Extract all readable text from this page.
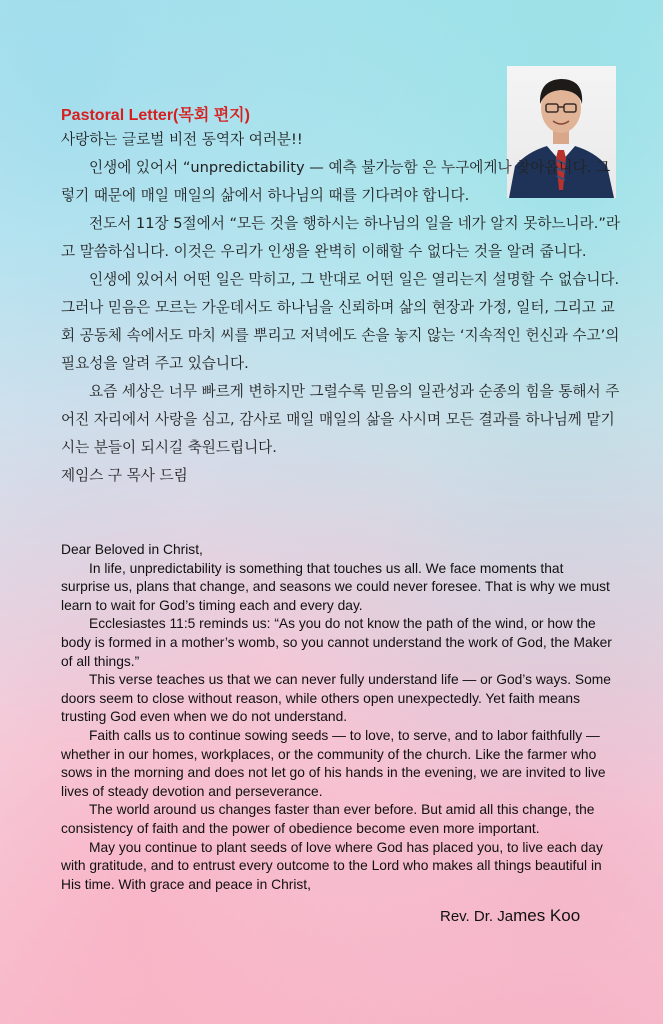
Pastoral Letter(목회 편지)

사랑하는 글로벌 비전 동역자 여러분!!

인생에 있어서 “unpredictability — 예측 불가능함 은 누구에게나 찾아옵니다. 그렇기 때문에 매일 매일의 삶에서 하나님의 때를 기다려야 합니다.

전도서 11장 5절에서 “모든 것을 행하시는 하나님의 일을 네가 알지 못하느니라.”라고 말씀하십니다. 이것은 우리가 인생을 완벽히 이해할 수 없다는 것을 알려 줍니다.

인생에 있어서 어떤 일은 막히고, 그 반대로 어떤 일은 열리는지 설명할 수 없습니다. 그러나 믿음은 모르는 가운데서도 하나님을 신뢰하며 삶의 현장과 가정, 일터, 그리고 교회 공동체 속에서도 마치 씨를 뿌리고 저녁에도 손을 놓지 않는 ‘지속적인 헌신과 수고’의 필요성을 알려 주고 있습니다.

요즘 세상은 너무 빠르게 변하지만 그럴수록 믿음의 일관성과 순종의 힘을 통해서 주어진 자리에서 사랑을 심고, 감사로 매일 매일의 삶을 사시며 모든 결과를 하나님께 맡기시는 분들이 되시길 축원드립니다.

제임스 구 목사 드림

Dear Beloved in Christ,

In life, unpredictability is something that touches us all. We face moments that surprise us, plans that change, and seasons we could never foresee. That is why we must learn to wait for God’s timing each and every day.

Ecclesiastes 11:5 reminds us: “As you do not know the path of the wind, or how the body is formed in a mother’s womb, so you cannot understand the work of God, the Maker of all things.”

This verse teaches us that we can never fully understand life — or God’s ways. Some doors seem to close without reason, while others open unexpectedly. Yet faith means trusting God even when we do not understand.

Faith calls us to continue sowing seeds — to love, to serve, and to labor faithfully — whether in our homes, workplaces, or the community of the church. Like the farmer who sows in the morning and does not let go of his hands in the evening, we are invited to live lives of steady devotion and perseverance.

The world around us changes faster than ever before. But amid all this change, the consistency of faith and the power of obedience become even more important.

May you continue to plant seeds of love where God has placed you, to live each day with gratitude, and to entrust every outcome to the Lord who makes all things beautiful in His time. With grace and peace in Christ,

Rev. Dr. James Koo
